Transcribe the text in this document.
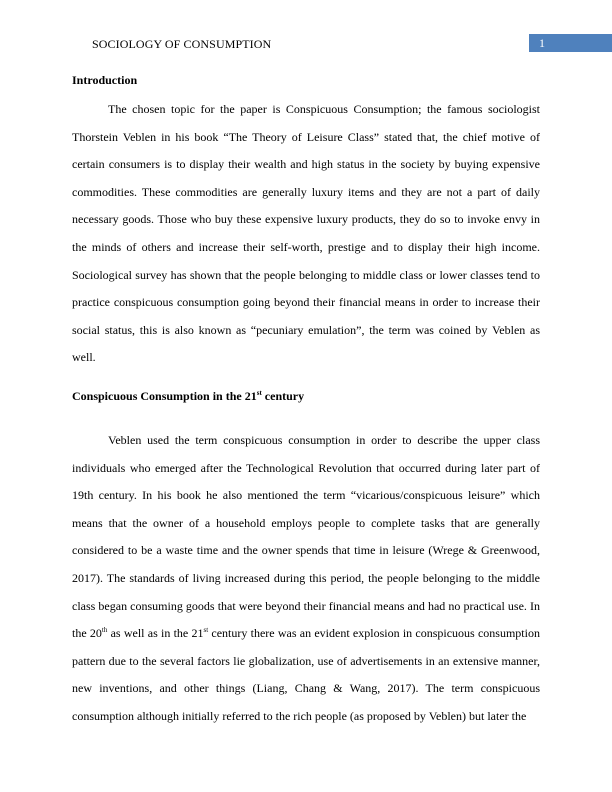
SOCIOLOGY OF CONSUMPTION	1
Introduction

The chosen topic for the paper is Conspicuous Consumption; the famous sociologist Thorstein Veblen in his book “The Theory of Leisure Class” stated that, the chief motive of certain consumers is to display their wealth and high status in the society by buying expensive commodities. These commodities are generally luxury items and they are not a part of daily necessary goods. Those who buy these expensive luxury products, they do so to invoke envy in the minds of others and increase their self-worth, prestige and to display their high income. Sociological survey has shown that the people belonging to middle class or lower classes tend to practice conspicuous consumption going beyond their financial means in order to increase their social status, this is also known as “pecuniary emulation”, the term was coined by Veblen as well.

Conspicuous Consumption in the 21st century

Veblen used the term conspicuous consumption in order to describe the upper class individuals who emerged after the Technological Revolution that occurred during later part of 19th century. In his book he also mentioned the term “vicarious/conspicuous leisure” which means that the owner of a household employs people to complete tasks that are generally considered to be a waste time and the owner spends that time in leisure (Wrege & Greenwood, 2017). The standards of living increased during this period, the people belonging to the middle class began consuming goods that were beyond their financial means and had no practical use. In the 20th as well as in the 21st century there was an evident explosion in conspicuous consumption pattern due to the several factors lie globalization, use of advertisements in an extensive manner, new inventions, and other things (Liang, Chang & Wang, 2017). The term conspicuous consumption although initially referred to the rich people (as proposed by Veblen) but later the
